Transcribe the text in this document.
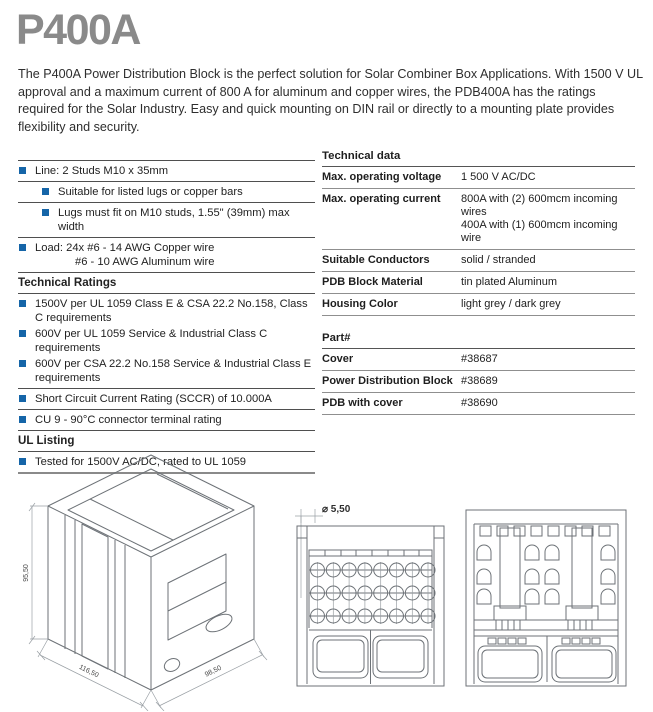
P400A
The P400A Power Distribution Block is the perfect solution for Solar Combiner Box Applications. With 1500 V UL approval and a maximum current of 800 A for aluminum and copper wires, the PDB400A has the ratings required for the Solar Industry. Easy and quick mounting on DIN rail or directly to a mounting plate provides flexibility and security.
Line: 2 Studs M10 x 35mm
Suitable for listed lugs or copper bars
Lugs must fit on M10 studs, 1.55" (39mm) max width
Load: 24x #6 - 14 AWG Copper wire
#6 - 10 AWG Aluminum wire
Technical Ratings
1500V per UL 1059 Class E & CSA 22.2 No.158, Class C requirements
600V per UL 1059 Service & Industrial Class C requirements
600V per CSA 22.2 No.158 Service & Industrial Class E requirements
Short Circuit Current Rating (SCCR) of 10.000A
CU 9 - 90°C connector terminal rating
UL Listing
Tested for 1500V AC/DC, rated to UL 1059
Technical data
Max. operating voltage	1 500 V AC/DC
Max. operating current	800A with (2) 600mcm incoming wires
400A with (1) 600mcm incoming wire
Suitable Conductors	solid / stranded
PDB Block Material	tin plated Aluminum
Housing Color	light grey / dark grey
Part#
Cover	#38687
Power Distribution Block #38689
PDB with cover	#38690
95,50
116,50	98,50
⌀ 5,50
